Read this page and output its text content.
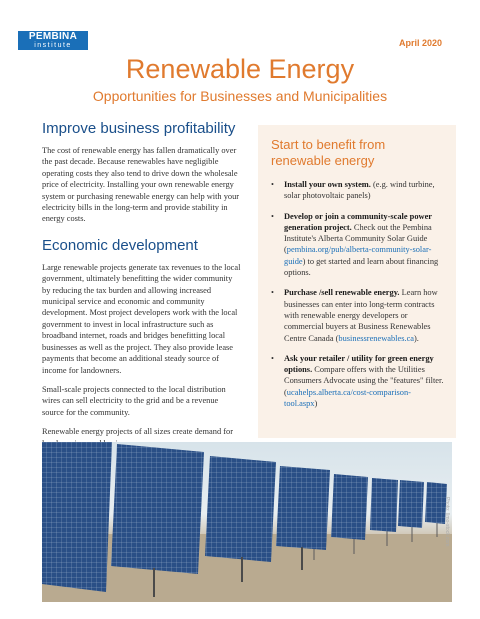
PEMBINA
institute	April 2020
Renewable Energy
Opportunities for Businesses and Municipalities
Improve business profitability

The cost of renewable energy has fallen dramatically over the past decade. Because renewables have negligible operating costs they also tend to drive down the wholesale price of electricity. Installing your own renewable energy system or purchasing renewable energy can help with your electricity bills in the long-term and provide stability in energy costs.

Economic development

Large renewable projects generate tax revenues to the local government, ultimately benefitting the wider community by reducing the tax burden and allowing increased municipal service and economic and community development. Most project developers work with the local government to invest in local infrastructure such as broadband internet, roads and bridges benefitting local businesses as well as the project. They also provide lease payments that become an additional steady source of income for landowners.

Small-scale projects connected to the local distribution wires can sell electricity to the grid and be a revenue source for the community.

Renewable energy projects of all sizes create demand for

Start to benefit from renewable energy
• Install your own system. (e.g. wind turbine, solar photovoltaic panels)
• Develop or join a community-scale power generation project. Check out the Pembina Institute's Alberta Community Solar Guide (pembina.org/pub/alberta-community-solar-guide) to get started and learn about financing options.
• Purchase /sell renewable energy. Learn how businesses can enter into long-term contracts with renewable energy developers or commercial buyers at Business Renewables Centre Canada (businessrenewables.ca).
• Ask your retailer / utility for green energy options. Compare offers with the Utilities Consumers Advocate using the "features" filter. (ucahelps.alberta.ca/cost-comparison-tool.aspx)
Photo: Ilmo-stock.com
